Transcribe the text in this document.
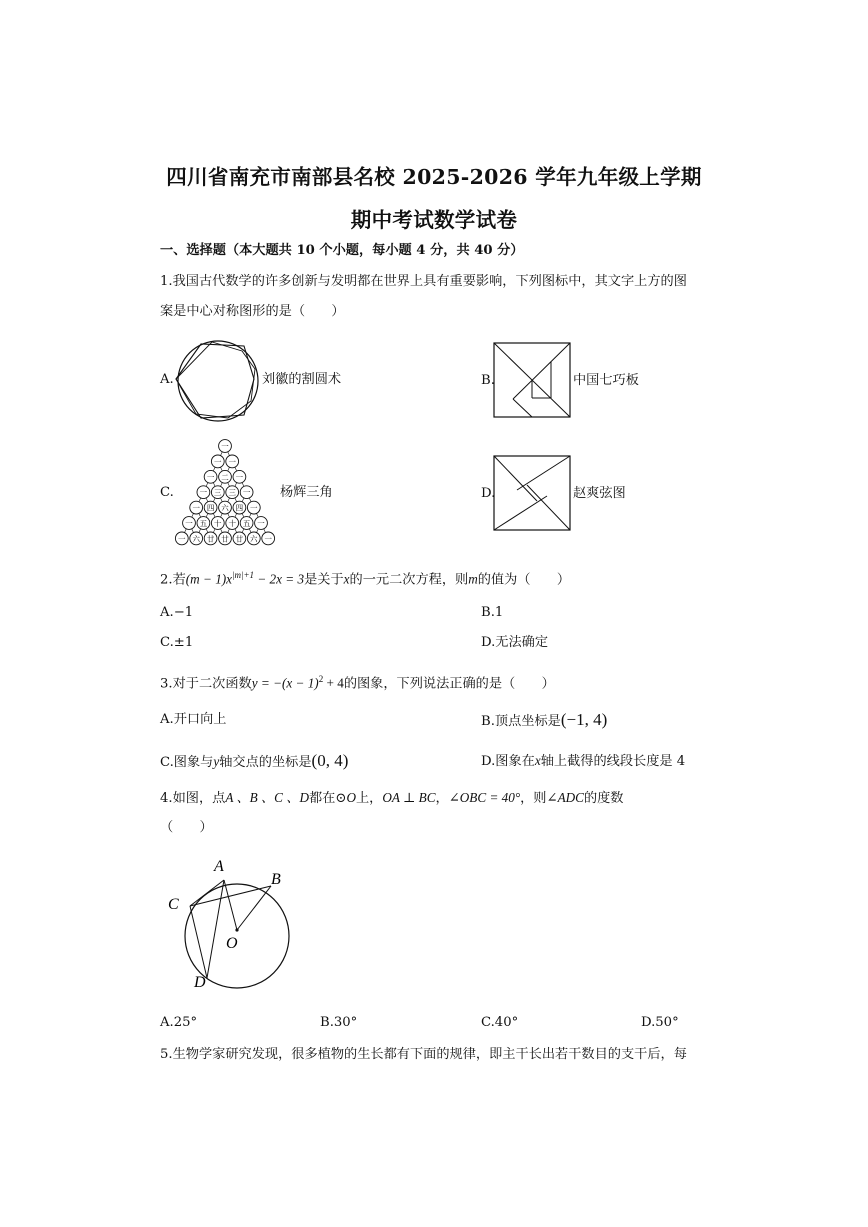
四川省南充市南部县名校 2025-2026 学年九年级上学期
期中考试数学试卷
一、选择题（本大题共 10 个小题，每小题 4 分，共 40 分）
1.我国古代数学的许多创新与发明都在世界上具有重要影响，下列图标中，其文字上方的图
案是中心对称图形的是（　　）
A.	刘徽的割圆术	B.	中国七巧板
C.
一
一 一
一 二 一
一 三 三 一
一 四 六 四 一
一 五 十 十 五 一
一 六 廿 廿 廿 六 一
杨辉三角	D.	赵爽弦图
2.若$(m - 1)x^{|m|+1} - 2x = 3$是关于x的一元二次方程，则m的值为（　　）
A.−1	B.1
C.±1	D.无法确定
3.对于二次函数$y = -(x - 1)^2 + 4$的图象，下列说法正确的是（　　）
A.开口向上	B.顶点坐标是(−1, 4)
C.图象与y轴交点的坐标是(0, 4)	D.图象在x轴上截得的线段长度是 4
4.如图，点A 、B 、C 、D都在⊙O上，OA ⊥ BC，∠OBC = 40°，则∠ADC的度数
（　　）
A
B
C
D
O
A.25°	B.30°	C.40°	D.50°
5.生物学家研究发现，很多植物的生长都有下面的规律，即主干长出若干数目的支干后，每
